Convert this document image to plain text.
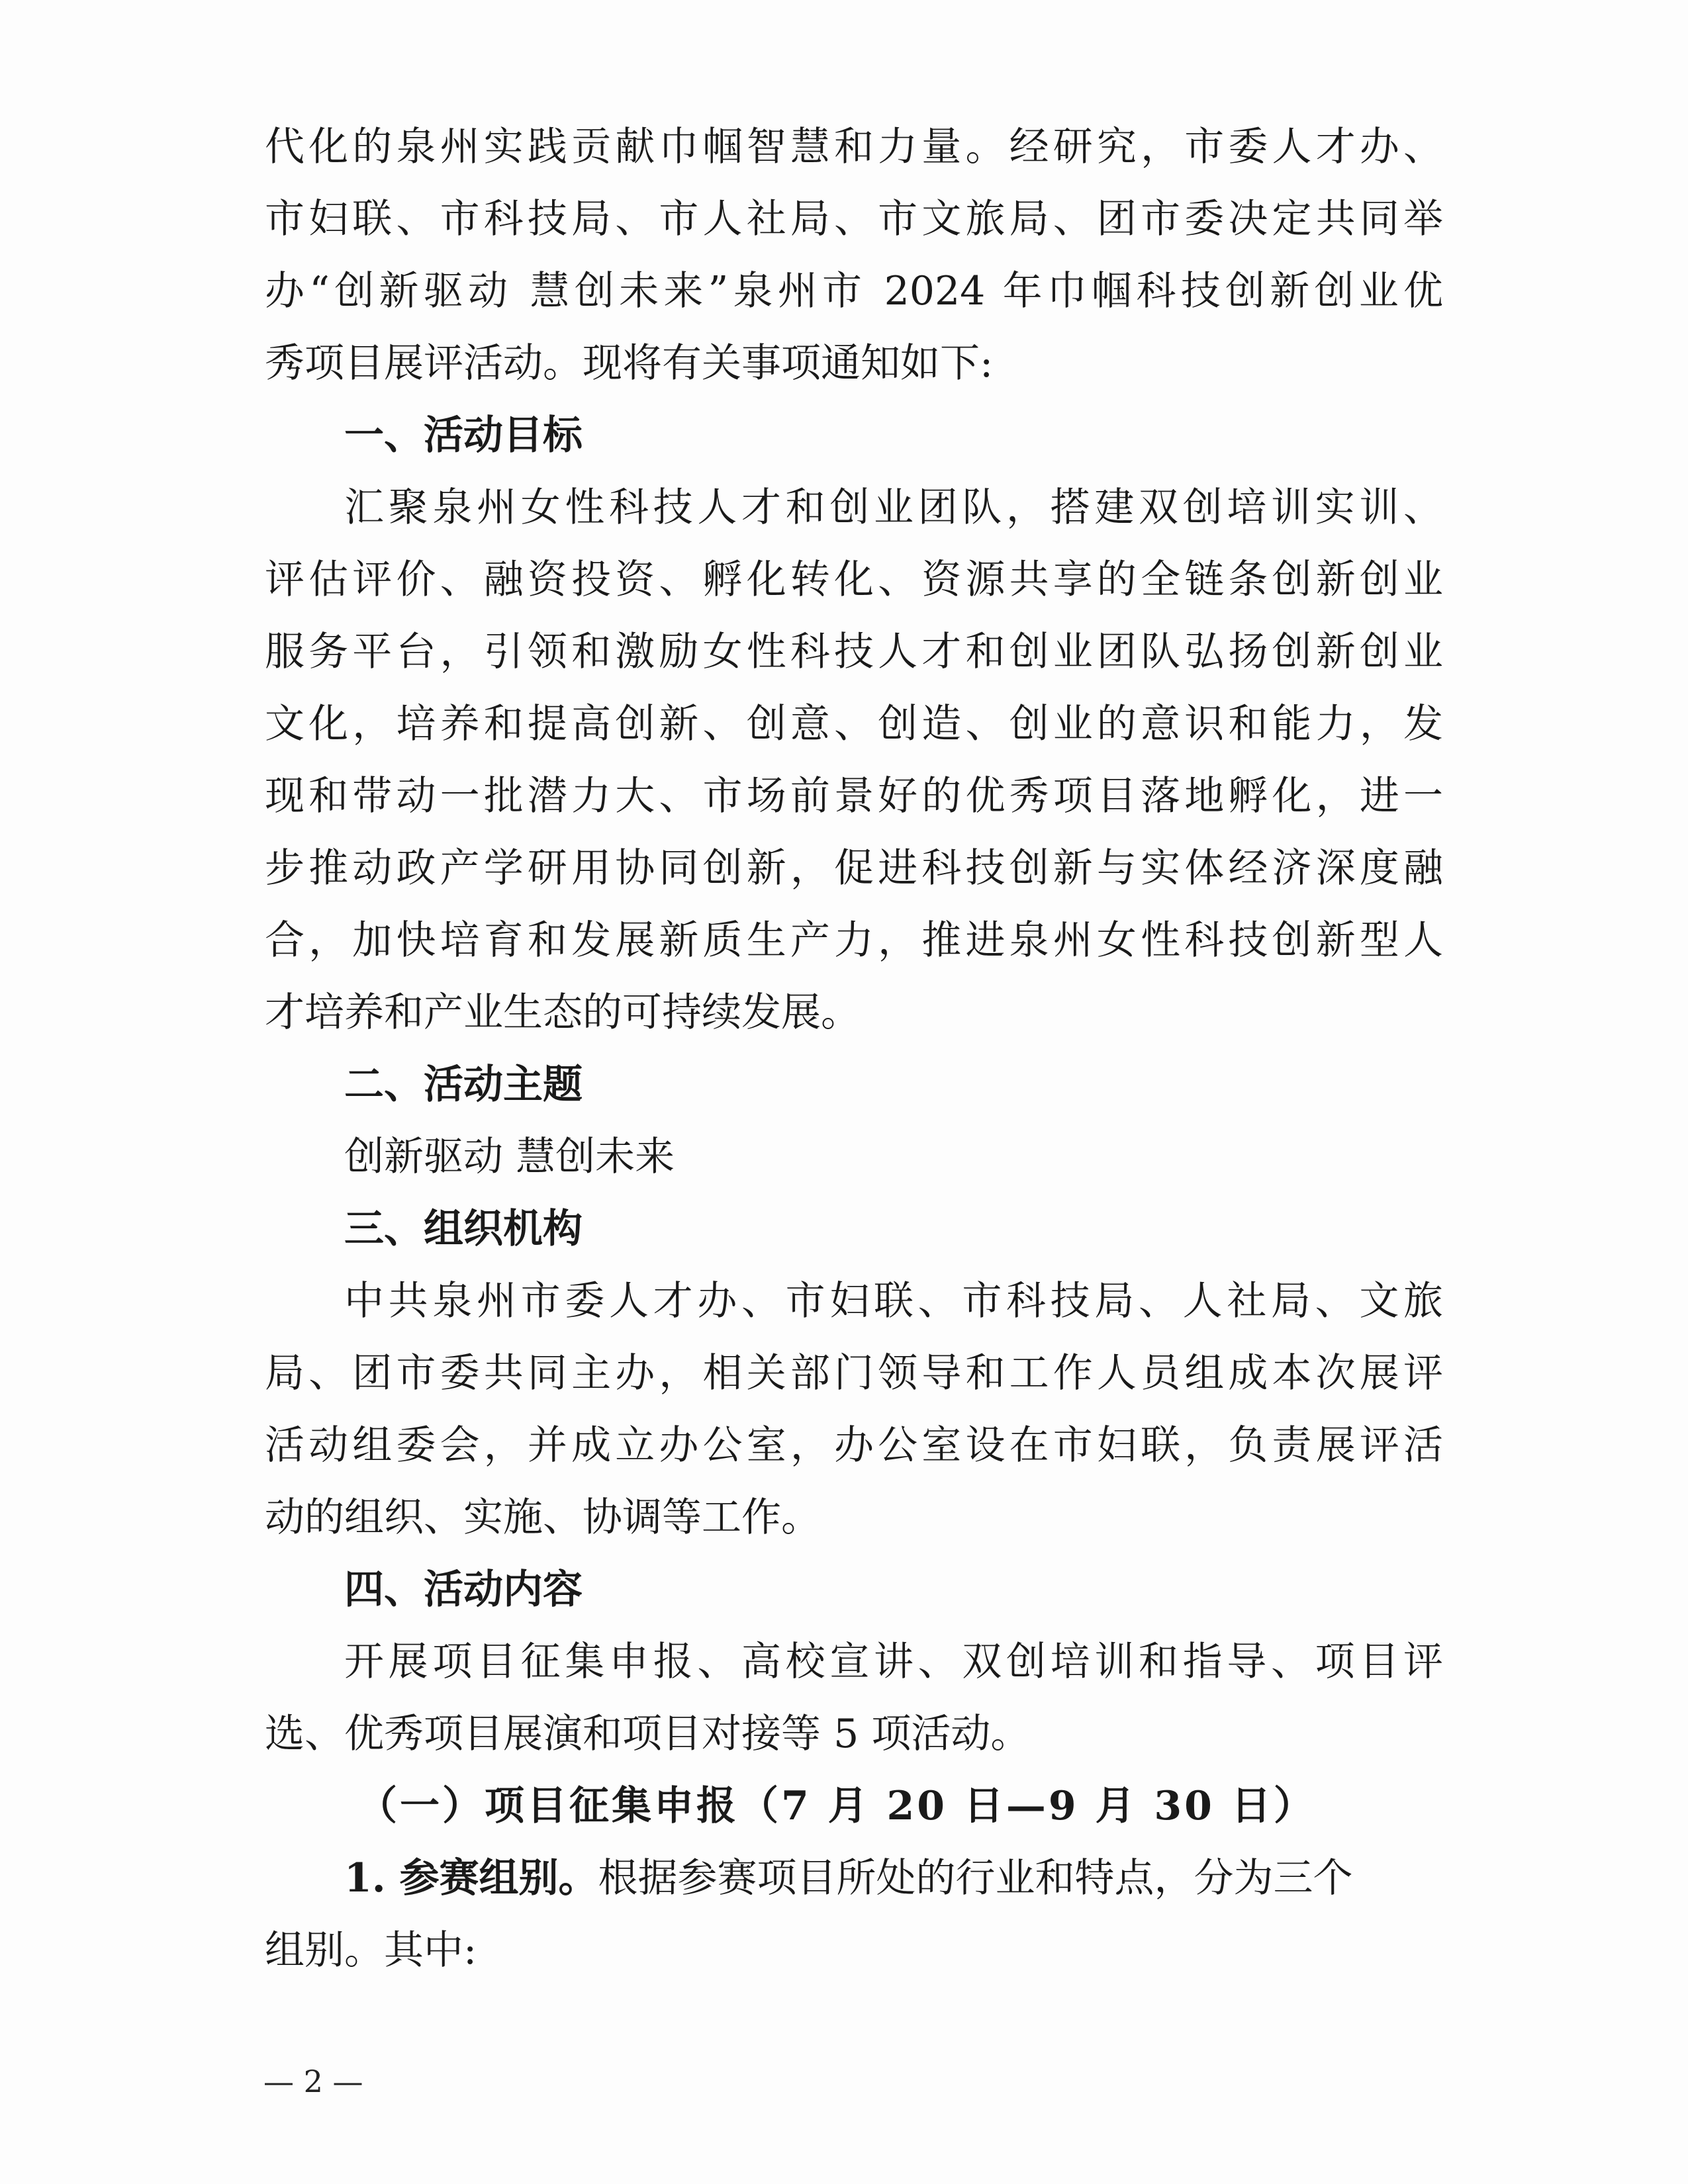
代化的泉州实践贡献巾帼智慧和力量。经研究，市委人才办、
市妇联、市科技局、市人社局、市文旅局、团市委决定共同举
办“创新驱动 慧创未来”泉州市 2024 年巾帼科技创新创业优
秀项目展评活动。现将有关事项通知如下:
一、活动目标
汇聚泉州女性科技人才和创业团队，搭建双创培训实训、
评估评价、融资投资、孵化转化、资源共享的全链条创新创业
服务平台，引领和激励女性科技人才和创业团队弘扬创新创业
文化，培养和提高创新、创意、创造、创业的意识和能力，发
现和带动一批潜力大、市场前景好的优秀项目落地孵化，进一
步推动政产学研用协同创新，促进科技创新与实体经济深度融
合，加快培育和发展新质生产力，推进泉州女性科技创新型人
才培养和产业生态的可持续发展。
二、活动主题
创新驱动 慧创未来
三、组织机构
中共泉州市委人才办、市妇联、市科技局、人社局、文旅
局、团市委共同主办，相关部门领导和工作人员组成本次展评
活动组委会，并成立办公室，办公室设在市妇联，负责展评活
动的组织、实施、协调等工作。
四、活动内容
开展项目征集申报、高校宣讲、双创培训和指导、项目评
选、优秀项目展演和项目对接等 5 项活动。
（一）项目征集申报（7 月 20 日—9 月 30 日）
1. 参赛组别。根据参赛项目所处的行业和特点，分为三个
组别。其中:
— 2 —
